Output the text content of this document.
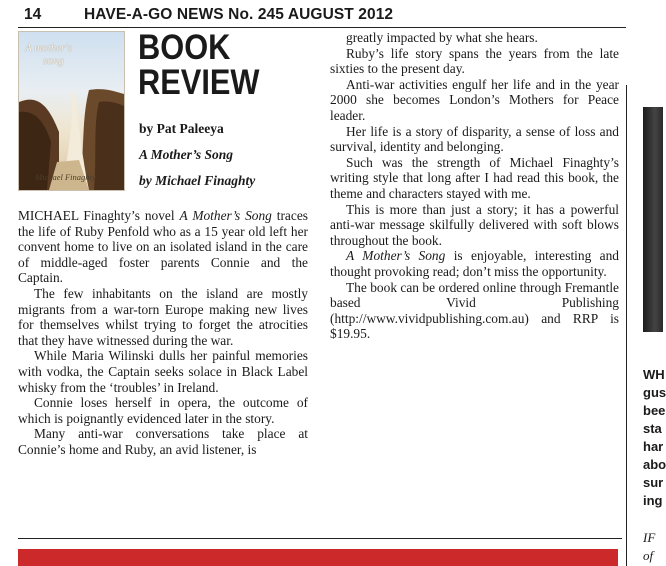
14	HAVE-A-GO NEWS No. 245 AUGUST 2012
A mother's
song
Michael Finaghty
BOOK
REVIEW
by Pat Paleeya
A Mother’s Song
by Michael Finaghty

MICHAEL Finaghty’s novel A Mother’s Song traces the life of Ruby Penfold who as a 15 year old left her convent home to live on an isolated island in the care of middle-aged foster parents Connie and the Captain.

The few inhabitants on the island are mostly migrants from a war-torn Europe making new lives for themselves whilst trying to forget the atrocities that they have witnessed during the war.

While Maria Wilinski dulls her painful memories with vodka, the Captain seeks solace in Black Label whisky from the ‘troubles’ in Ireland.

Connie loses herself in opera, the outcome of which is poignantly evidenced later in the story.

Many anti-war conversations take place at Connie’s home and Ruby, an avid listener, is

greatly impacted by what she hears.

Ruby’s life story spans the years from the late sixties to the present day.

Anti-war activities engulf her life and in the year 2000 she becomes London’s Mothers for Peace leader.

Her life is a story of disparity, a sense of loss and survival, identity and belonging.

Such was the strength of Michael Finaghty’s writing style that long after I had read this book, the theme and characters stayed with me.

This is more than just a story; it has a powerful anti-war message skilfully delivered with soft blows throughout the book.

A Mother’s Song is enjoyable, interesting and thought provoking read; don’t miss the opportunity.

The book can be ordered online through Fremantle based Vivid Publishing (http://www.vividpublishing.com.au) and RRP is $19.95.

WH
gus
bee
sta
har
abo
sur
ing
IF
of
